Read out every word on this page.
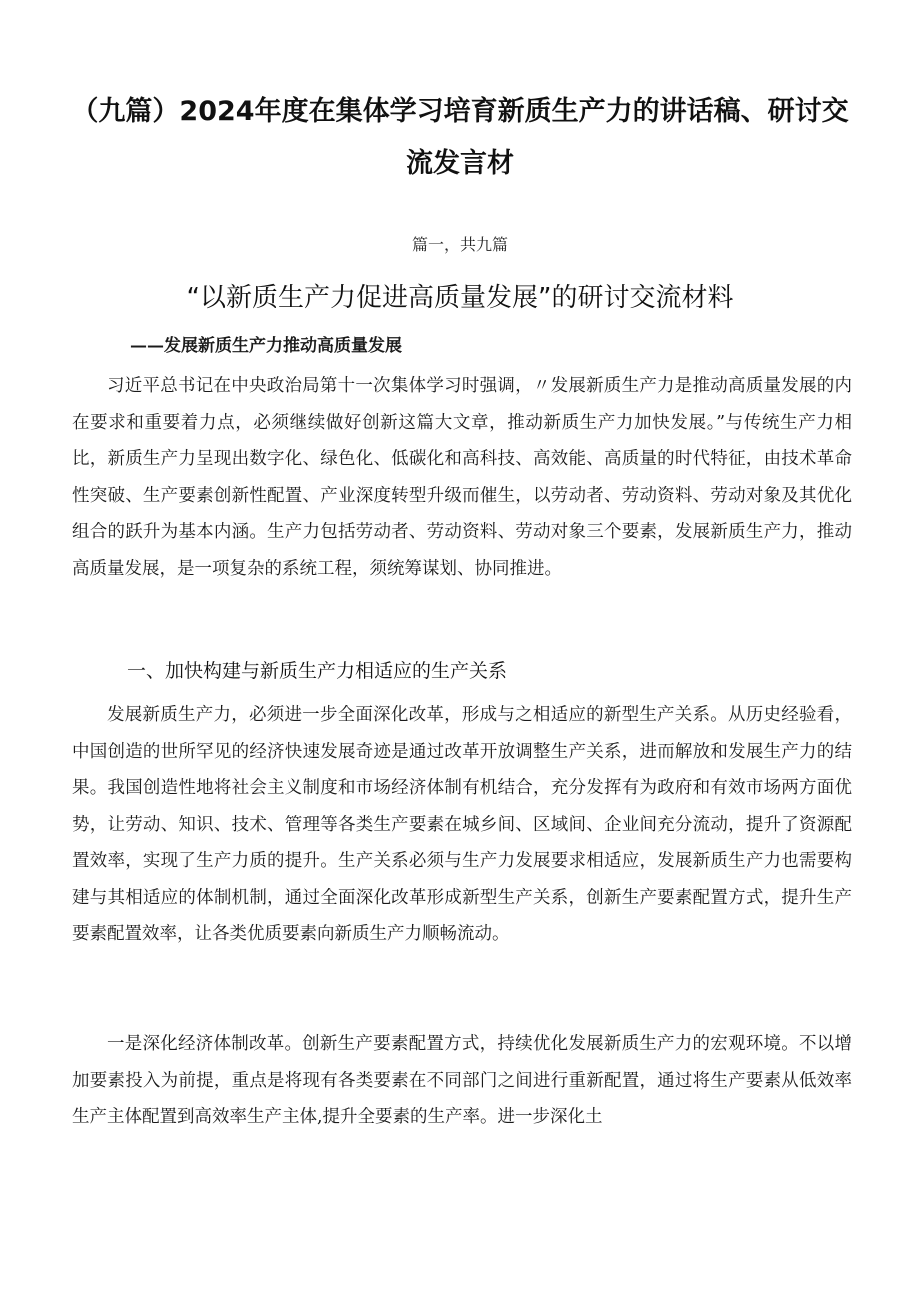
（九篇）2024年度在集体学习培育新质生产力的讲话稿、研讨交流发言材
篇一，共九篇
“以新质生产力促进高质量发展”的研讨交流材料
——发展新质生产力推动高质量发展

习近平总书记在中央政治局第十一次集体学习时强调，〃发展新质生产力是推动高质量发展的内在要求和重要着力点，必须继续做好创新这篇大文章，推动新质生产力加快发展。”与传统生产力相比，新质生产力呈现出数字化、绿色化、低碳化和高科技、高效能、高质量的时代特征，由技术革命性突破、生产要素创新性配置、产业深度转型升级而催生，以劳动者、劳动资料、劳动对象及其优化组合的跃升为基本内涵。生产力包括劳动者、劳动资料、劳动对象三个要素，发展新质生产力，推动高质量发展，是一项复杂的系统工程，须统筹谋划、协同推进。

一、加快构建与新质生产力相适应的生产关系

发展新质生产力，必须进一步全面深化改革，形成与之相适应的新型生产关系。从历史经验看，中国创造的世所罕见的经济快速发展奇迹是通过改革开放调整生产关系，进而解放和发展生产力的结果。我国创造性地将社会主义制度和市场经济体制有机结合，充分发挥有为政府和有效市场两方面优势，让劳动、知识、技术、管理等各类生产要素在城乡间、区域间、企业间充分流动，提升了资源配置效率，实现了生产力质的提升。生产关系必须与生产力发展要求相适应，发展新质生产力也需要构建与其相适应的体制机制，通过全面深化改革形成新型生产关系，创新生产要素配置方式，提升生产要素配置效率，让各类优质要素向新质生产力顺畅流动。

一是深化经济体制改革。创新生产要素配置方式，持续优化发展新质生产力的宏观环境。不以增加要素投入为前提，重点是将现有各类要素在不同部门之间进行重新配置，通过将生产要素从低效率生产主体配置到高效率生产主体,提升全要素的生产率。进一步深化土
